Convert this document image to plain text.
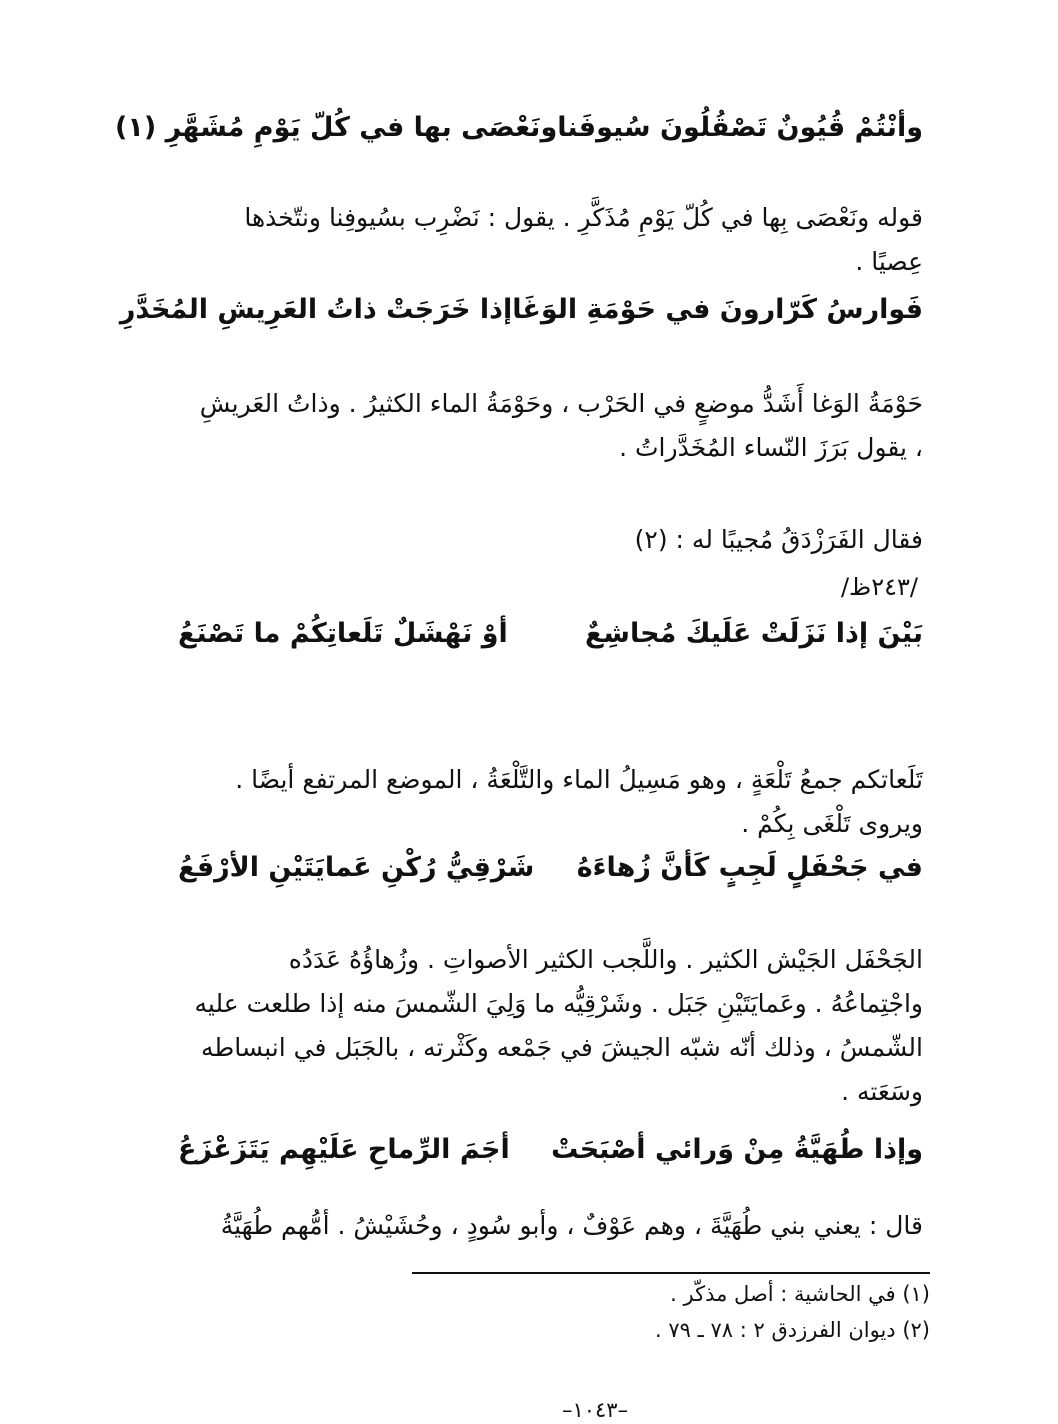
وأنْتُمْ قُيُونٌ تَصْقُلُونَ سُيوفَنا
ونَعْصَى بها في كُلّ يَوْمِ مُشَهَّرِ (١)
قوله ونَعْصَى بِها في كُلّ يَوْمِ مُذَكَّرِ . يقول : نَضْرِب بسُيوفِنا ونتّخذها
عِصيًا .
فَوارسُ كَرّارونَ في حَوْمَةِ الوَغَا
إذا خَرَجَتْ ذاتُ العَرِيشِ المُخَدَّرِ
حَوْمَةُ الوَغا أَشَدُّ موضعٍ في الحَرْب ، وحَوْمَةُ الماء الكثيرُ . وذاتُ العَريشِ
، يقول بَرَزَ النّساء المُخَدَّراتُ .
فقال الفَرَزْدَقُ مُجيبًا له : (٢)
/٢٤٣ظ/
بَيْنَ إذا نَزَلَتْ عَلَيكَ مُجاشِعٌ
أوْ نَهْشَلٌ تَلَعاتِكُمْ ما تَصْنَعُ
تَلَعاتكم جمعُ تَلْعَةٍ ، وهو مَسِيلُ الماء والتَّلْعَةُ ، الموضع المرتفع أيضًا .
ويروى تَلْغَى بِكُمْ .
في جَحْفَلٍ لَجِبٍ كَأنَّ زُهاءَهُ
شَرْقِيُّ رُكْنِ عَمايَتَيْنِ الأرْفَعُ
الجَحْفَل الجَيْش الكثير . واللَّجب الكثير الأصواتِ . وزُهاؤُهُ عَدَدُه
واجْتِماعُهُ . وعَمايَتَيْنِ جَبَل . وشَرْقِيُّه ما وَلِيَ الشّمسَ منه إذا طلعت عليه
الشّمسُ ، وذلك أنّه شبّه الجيشَ في جَمْعه وكَثْرته ، بالجَبَل في انبساطه
وسَعَته .
وإذا طُهَيَّةُ مِنْ وَرائي أصْبَحَتْ
أجَمَ الرِّماحِ عَلَيْهِم يَتَزَعْزَعُ
قال : يعني بني طُهَيَّةَ ، وهم عَوْفٌ ، وأبو سُودٍ ، وحُشَيْشُ . أمُّهم طُهَيَّةُ
(١) في الحاشية : أصل مذكّر .
(٢) ديوان الفرزدق ٢ : ٧٨ ـ ٧٩ .
–١٠٤٣–
